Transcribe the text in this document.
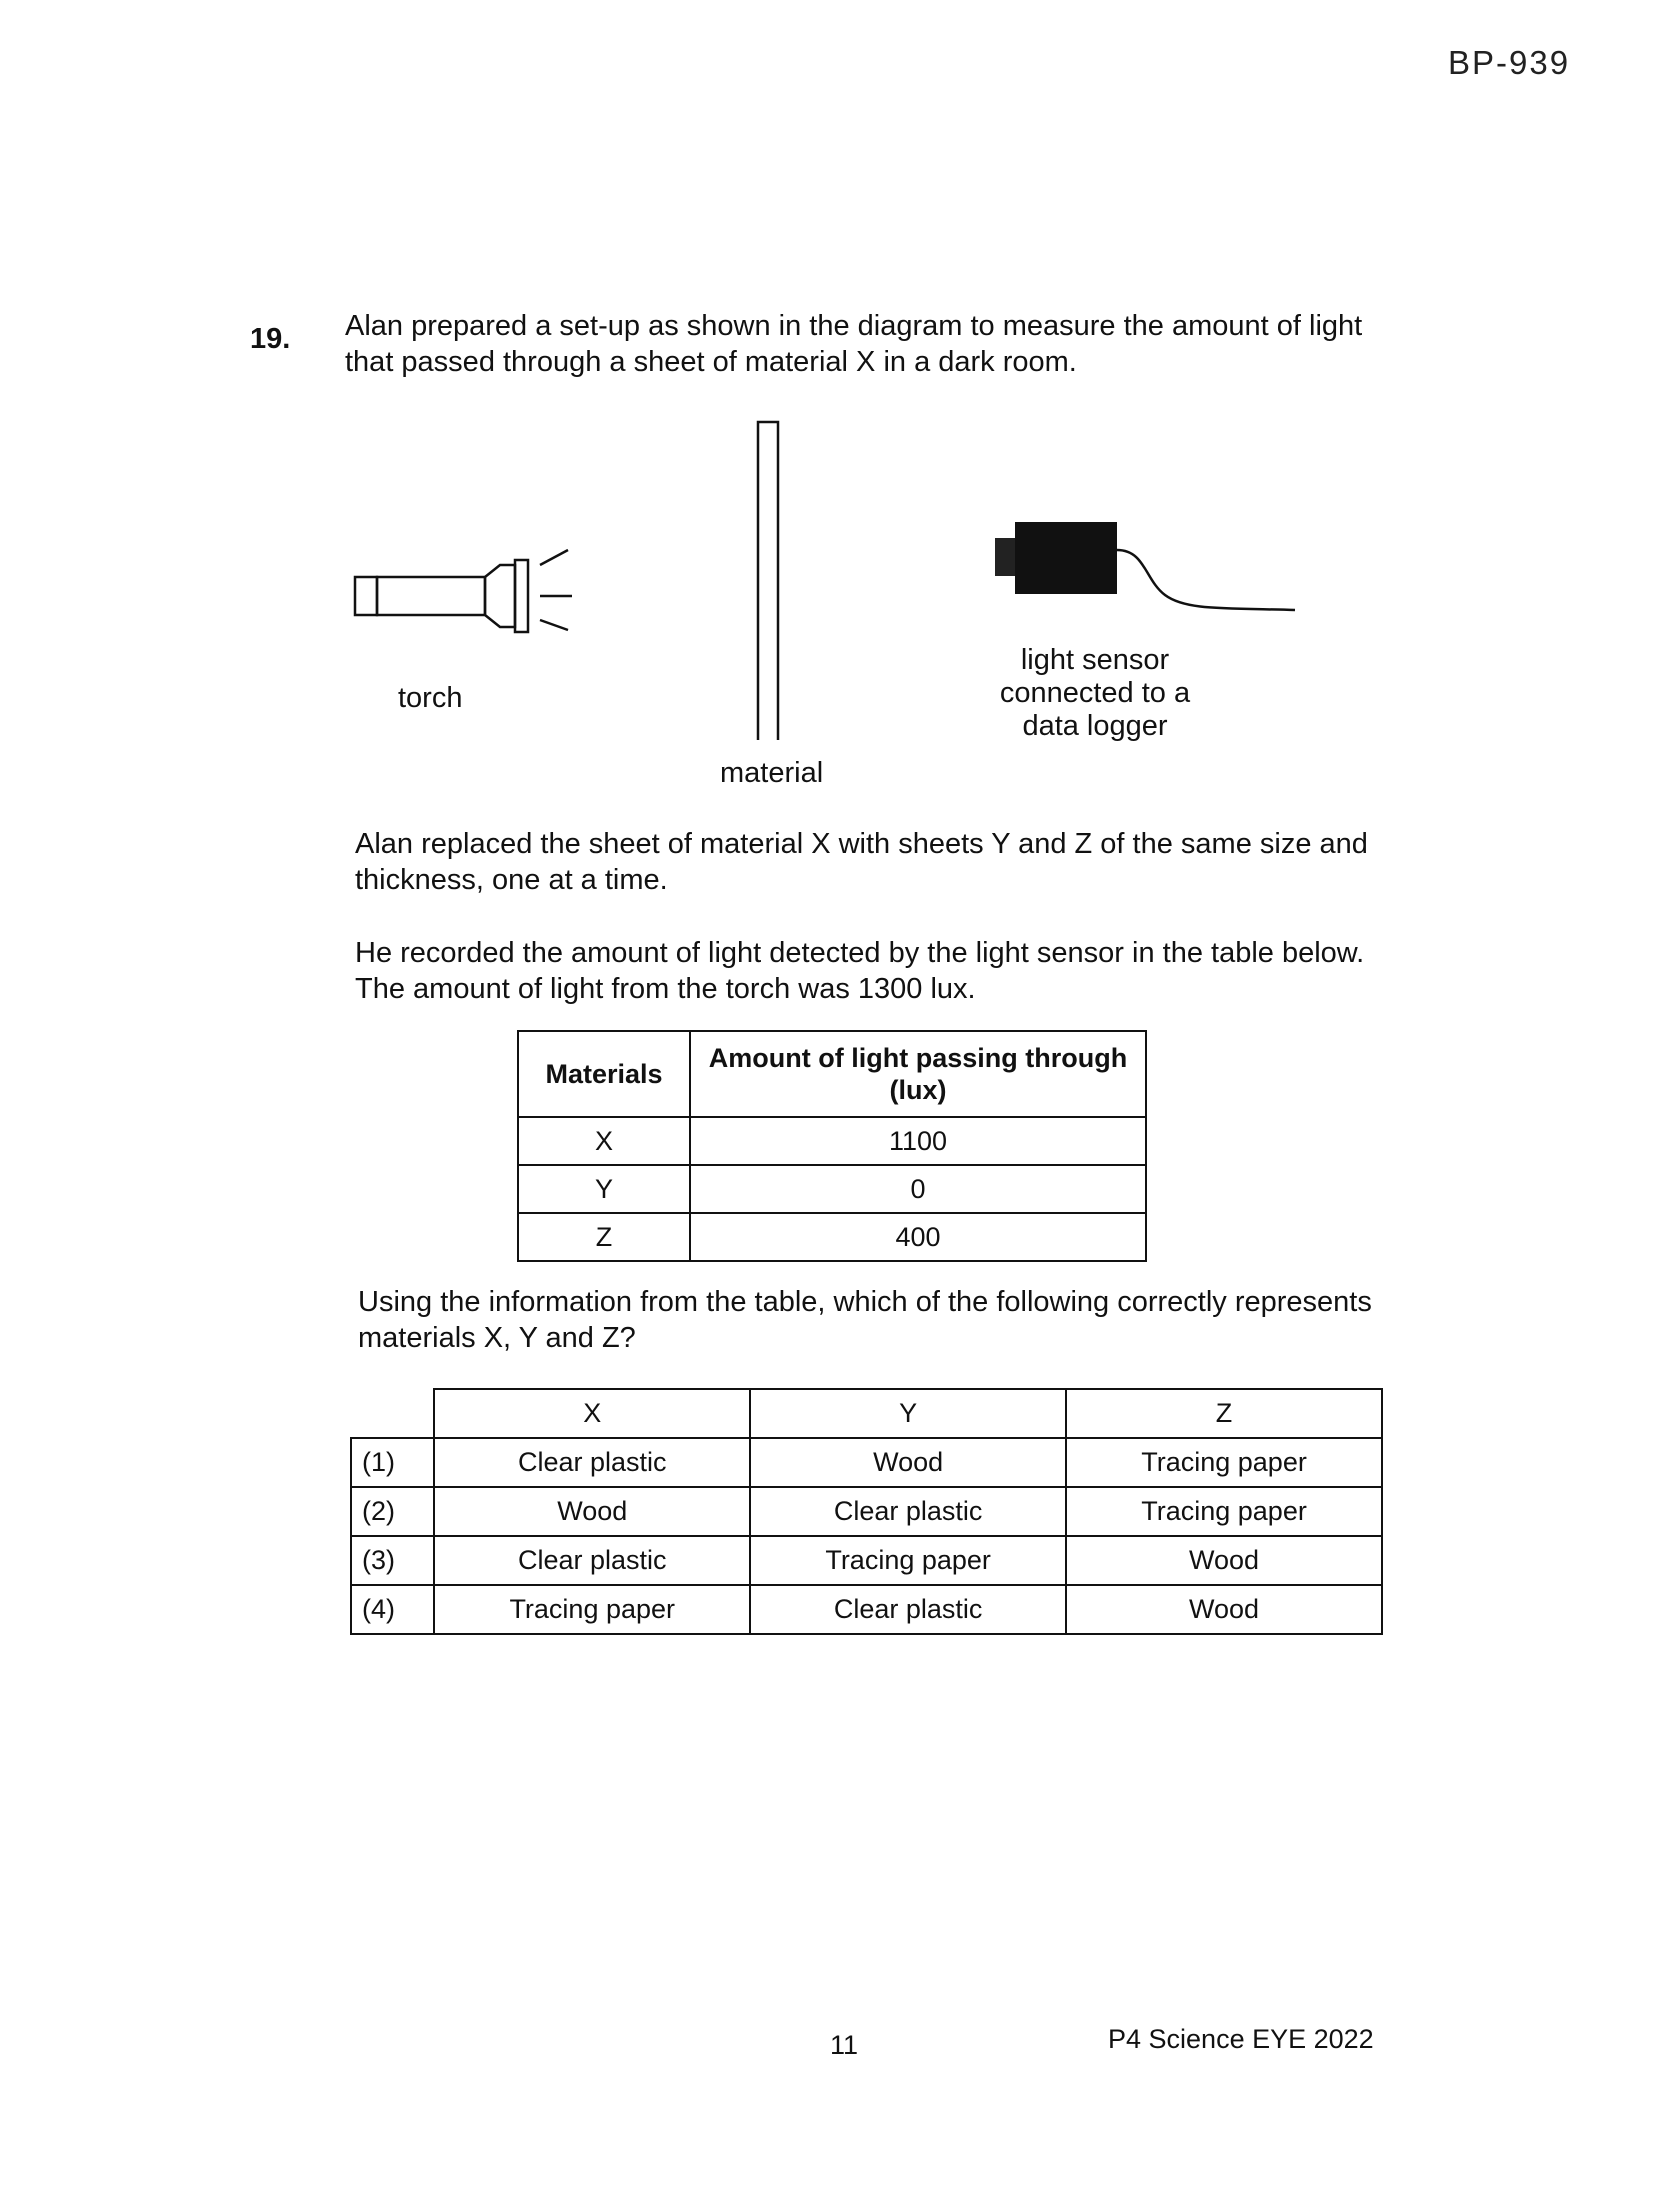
BP-939
19. Alan prepared a set-up as shown in the diagram to measure the amount of light
that passed through a sheet of material X in a dark room.
torch
material
light sensor
connected to a
data logger
Alan replaced the sheet of material X with sheets Y and Z of the same size and
thickness, one at a time.
He recorded the amount of light detected by the light sensor in the table below.
The amount of light from the torch was 1300 lux.
Materials	Amount of light passing through (lux)
X	1100
Y	0
Z	400
Using the information from the table, which of the following correctly represents
materials X, Y and Z?
	X	Y	Z
(1)	Clear plastic	Wood	Tracing paper
(2)	Wood	Clear plastic	Tracing paper
(3)	Clear plastic	Tracing paper	Wood
(4)	Tracing paper	Clear plastic	Wood
11	P4 Science EYE 2022
